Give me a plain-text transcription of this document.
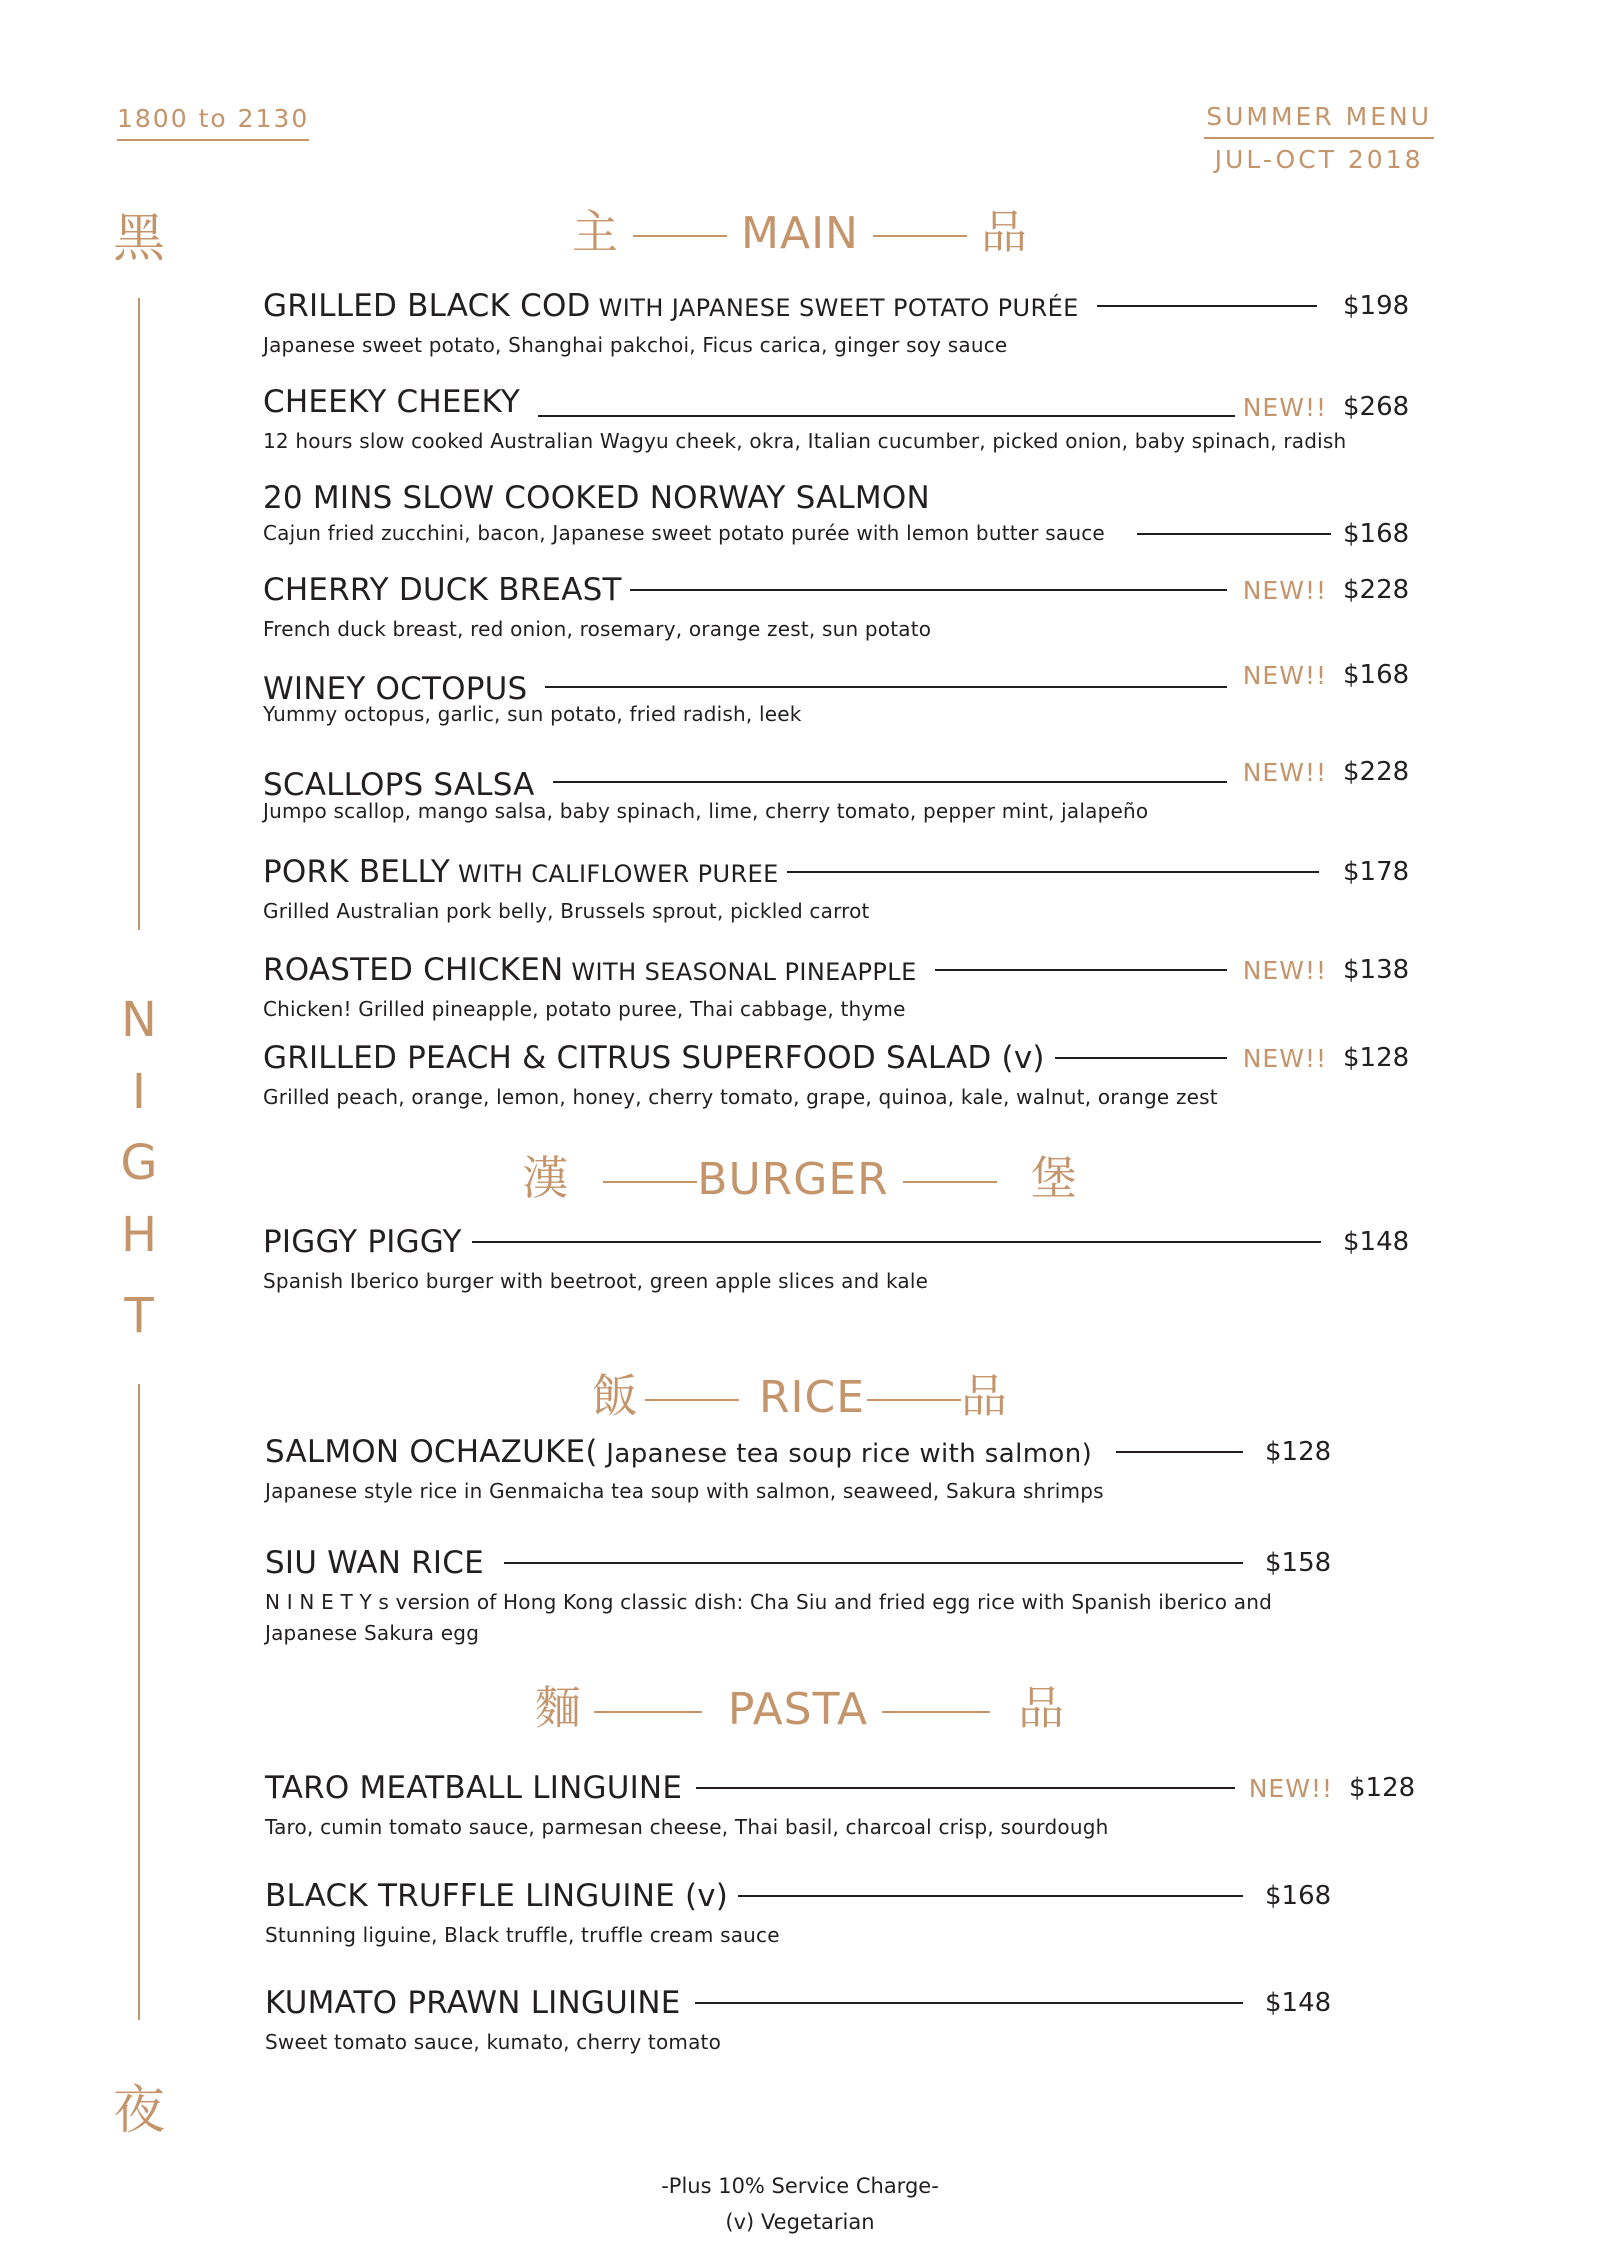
1800 to 2130	SUMMER MENU
JUL-OCT 2018
黑
N
I
G
H
T
夜
主	MAIN	品
GRILLED BLACK COD WITH JAPANESE SWEET POTATO PURÉE	$198
Japanese sweet potato, Shanghai pakchoi, Ficus carica, ginger soy sauce
CHEEKY CHEEKY	NEW!! $268
12 hours slow cooked Australian Wagyu cheek, okra, Italian cucumber, picked onion, baby spinach, radish
20 MINS SLOW COOKED NORWAY SALMON
Cajun fried zucchini, bacon, Japanese sweet potato purée with lemon butter sauce	$168
CHERRY DUCK BREAST	NEW!! $228
French duck breast, red onion, rosemary, orange zest, sun potato
WINEY OCTOPUS	NEW!! $168
Yummy octopus, garlic, sun potato, fried radish, leek
SCALLOPS SALSA	NEW!! $228
Jumpo scallop, mango salsa, baby spinach, lime, cherry tomato, pepper mint, jalapeño
PORK BELLY WITH CALIFLOWER PUREE	$178
Grilled Australian pork belly, Brussels sprout, pickled carrot
ROASTED CHICKEN WITH SEASONAL PINEAPPLE	NEW!! $138
Chicken! Grilled pineapple, potato puree, Thai cabbage, thyme
GRILLED PEACH & CITRUS SUPERFOOD SALAD (v)	NEW!! $128
Grilled peach, orange, lemon, honey, cherry tomato, grape, quinoa, kale, walnut, orange zest
漢	BURGER	堡
PIGGY PIGGY	$148
Spanish Iberico burger with beetroot, green apple slices and kale
飯	RICE 品
SALMON OCHAZUKE( Japanese tea soup rice with salmon)	$128
Japanese style rice in Genmaicha tea soup with salmon, seaweed, Sakura shrimps
SIU WAN RICE	$158
N I N E T Y s version of Hong Kong classic dish: Cha Siu and fried egg rice with Spanish iberico and
Japanese Sakura egg
麵	PASTA	品
TARO MEATBALL LINGUINE	NEW!! $128
Taro, cumin tomato sauce, parmesan cheese, Thai basil, charcoal crisp, sourdough
BLACK TRUFFLE LINGUINE (v)	$168
Stunning liguine, Black truffle, truffle cream sauce
KUMATO PRAWN LINGUINE	$148
Sweet tomato sauce, kumato, cherry tomato
-Plus 10% Service Charge-
(v) Vegetarian
